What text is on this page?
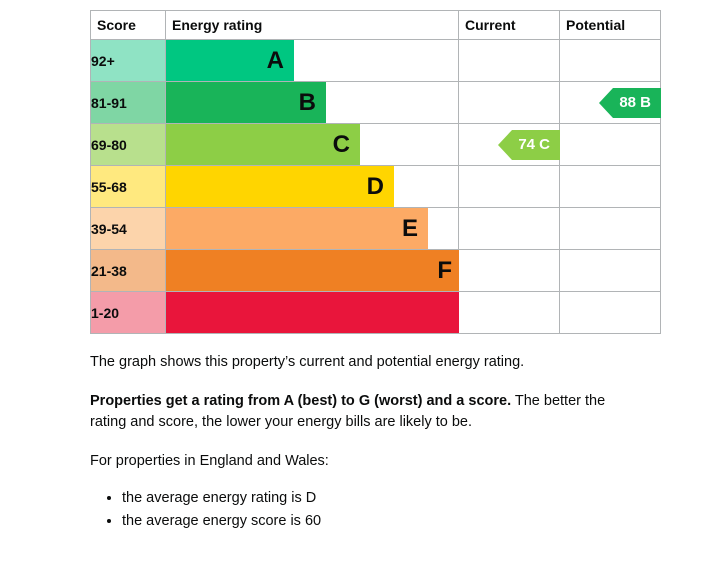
Score	Energy rating	Current	Potential
92+	A		

81-91	B		88 B

69-80	C	74 C	

55-68	D		

39-54	E		

21-38	F		

1-20	

The graph shows this property’s current and potential energy rating.

Properties get a rating from A (best) to G (worst) and a score. The better the rating and score, the lower your energy bills are likely to be.

For properties in England and Wales:

• the average energy rating is D
• the average energy score is 60
